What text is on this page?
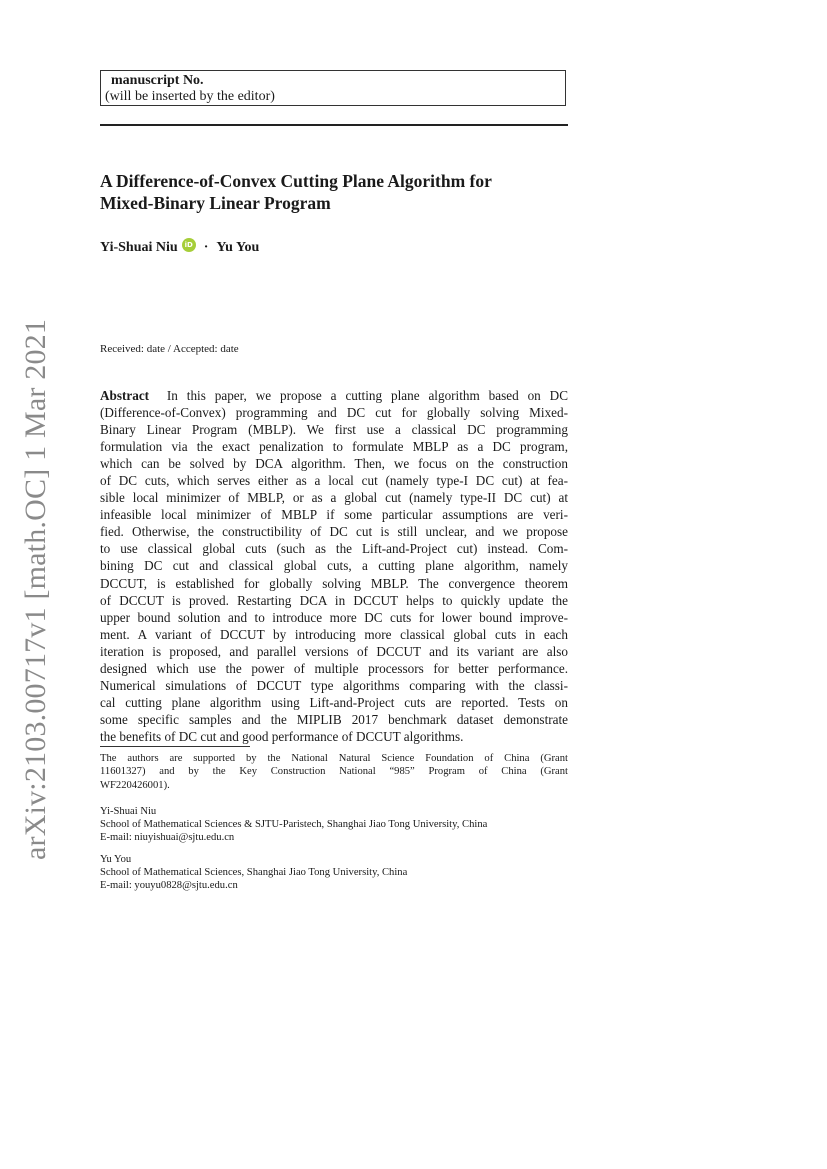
arXiv:2103.00717v1 [math.OC] 1 Mar 2021
manuscript No.
(will be inserted by the editor)
A Difference-of-Convex Cutting Plane Algorithm for
Mixed-Binary Linear Program
Yi-Shuai Niu iD · Yu You
Received: date / Accepted: date
Abstract In this paper, we propose a cutting plane algorithm based on DC
(Difference-of-Convex) programming and DC cut for globally solving Mixed-
Binary Linear Program (MBLP). We first use a classical DC programming
formulation via the exact penalization to formulate MBLP as a DC program,
which can be solved by DCA algorithm. Then, we focus on the construction
of DC cuts, which serves either as a local cut (namely type-I DC cut) at fea-
sible local minimizer of MBLP, or as a global cut (namely type-II DC cut) at
infeasible local minimizer of MBLP if some particular assumptions are veri-
fied. Otherwise, the constructibility of DC cut is still unclear, and we propose
to use classical global cuts (such as the Lift-and-Project cut) instead. Com-
bining DC cut and classical global cuts, a cutting plane algorithm, namely
DCCUT, is established for globally solving MBLP. The convergence theorem
of DCCUT is proved. Restarting DCA in DCCUT helps to quickly update the
upper bound solution and to introduce more DC cuts for lower bound improve-
ment. A variant of DCCUT by introducing more classical global cuts in each
iteration is proposed, and parallel versions of DCCUT and its variant are also
designed which use the power of multiple processors for better performance.
Numerical simulations of DCCUT type algorithms comparing with the classi-
cal cutting plane algorithm using Lift-and-Project cuts are reported. Tests on
some specific samples and the MIPLIB 2017 benchmark dataset demonstrate
the benefits of DC cut and good performance of DCCUT algorithms.
The authors are supported by the National Natural Science Foundation of China (Grant
11601327) and by the Key Construction National “985” Program of China (Grant
WF220426001).
Yi-Shuai Niu
School of Mathematical Sciences & SJTU-Paristech, Shanghai Jiao Tong University, China
E-mail: niuyishuai@sjtu.edu.cn
Yu You
School of Mathematical Sciences, Shanghai Jiao Tong University, China
E-mail: youyu0828@sjtu.edu.cn
